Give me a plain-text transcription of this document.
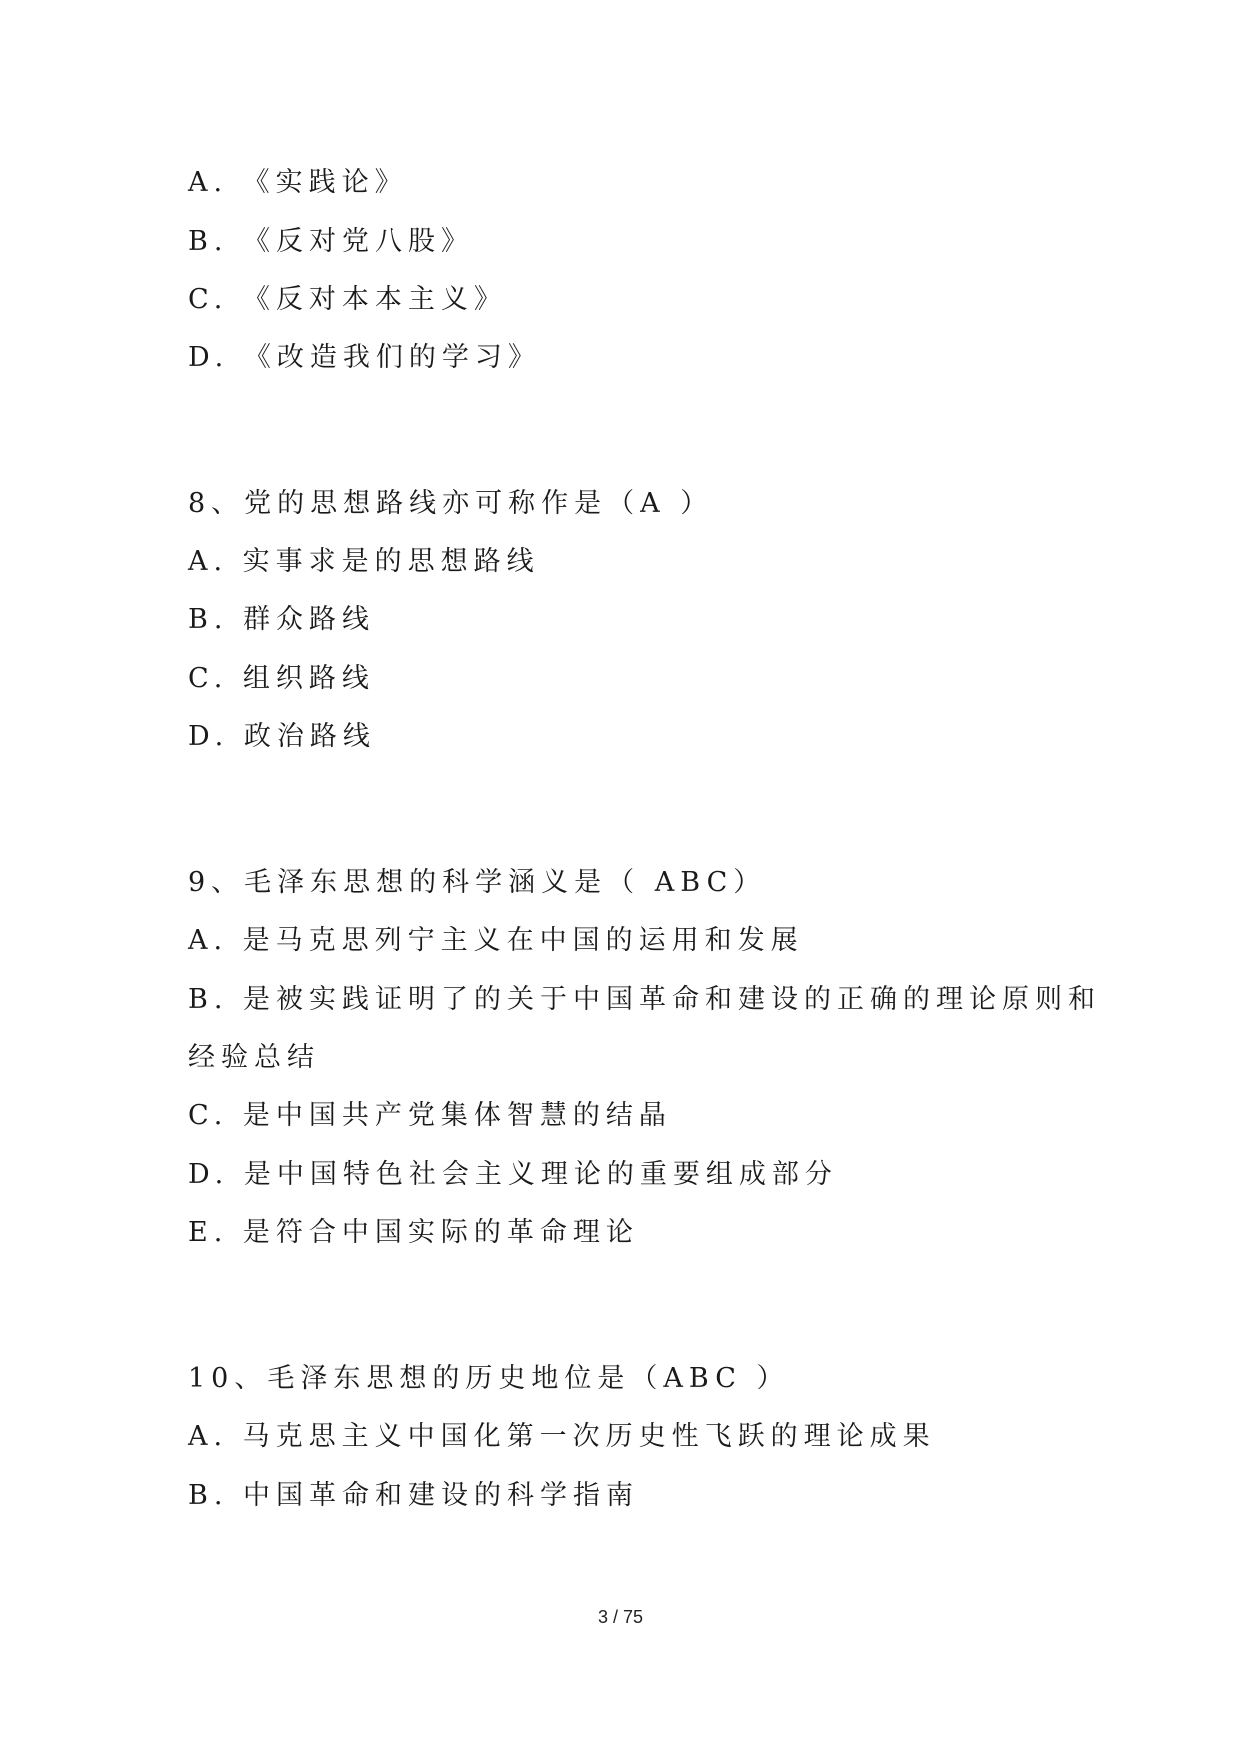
A. 《实践论》
B. 《反对党八股》
C. 《反对本本主义》
D. 《改造我们的学习》
8、党的思想路线亦可称作是（A ）
A. 实事求是的思想路线
B. 群众路线
C. 组织路线
D. 政治路线
9、毛泽东思想的科学涵义是（ ABC）
A. 是马克思列宁主义在中国的运用和发展
B. 是被实践证明了的关于中国革命和建设的正确的理论原则和
经验总结
C. 是中国共产党集体智慧的结晶
D. 是中国特色社会主义理论的重要组成部分
E. 是符合中国实际的革命理论
10、毛泽东思想的历史地位是（ABC ）
A. 马克思主义中国化第一次历史性飞跃的理论成果
B. 中国革命和建设的科学指南
3 / 75
